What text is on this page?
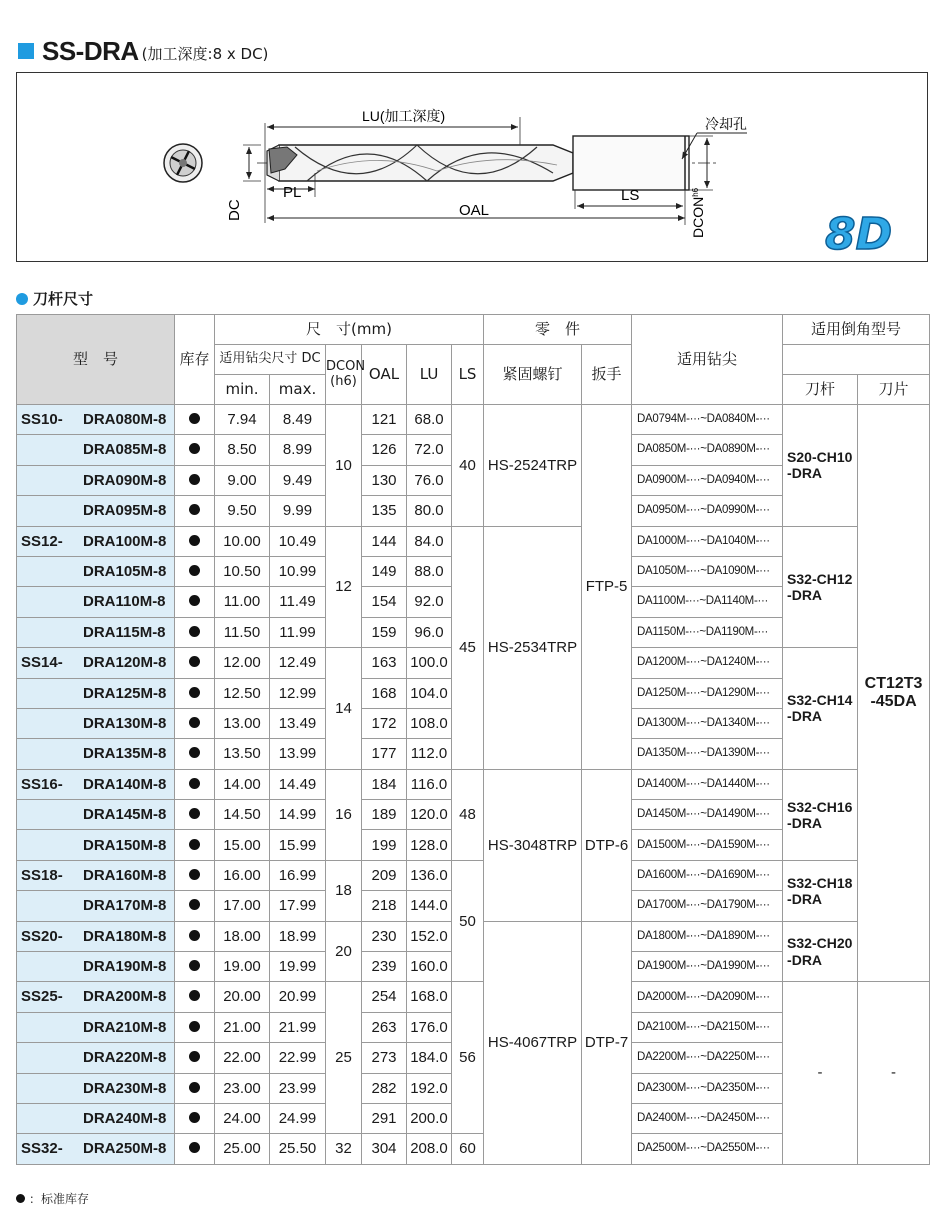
SS-DRA (加工深度:8 x DC)
LU(加工深度)
PL
DC	OAL
LS
$DCON^{h6}$
冷却孔
8D
刀杆尺寸
型　号	库存	尺　寸(mm)						零　件		适用钻尖	适用倒角型号	
		适用钻尖尺寸 DC		DCON
(h6)	OAL	LU	LS	紧固螺钉	扳手			
		min.	max.								刀杆	刀片

SS10- DRA080M-8		7.94	8.49	10	121	68.0	40	HS-2524TRP	FTP-5	DA0794M-···~DA0840M-···	S20-CH10
-DRA	CT12T3
-45DA

DRA085M-8		8.50	8.99		126	72.0				DA0850M-···~DA0890M-···		

DRA090M-8		9.00	9.49		130	76.0				DA0900M-···~DA0940M-···		

DRA095M-8		9.50	9.99		135	80.0				DA0950M-···~DA0990M-···		

SS12- DRA100M-8		10.00	10.49	12	144	84.0	45	HS-2534TRP		DA1000M-···~DA1040M-···	S32-CH12
-DRA	

DRA105M-8		10.50	10.99		149	88.0				DA1050M-···~DA1090M-···		

DRA110M-8		11.00	11.49		154	92.0				DA1100M-···~DA1140M-···		

DRA115M-8		11.50	11.99		159	96.0				DA1150M-···~DA1190M-···		

SS14- DRA120M-8		12.00	12.49	14	163	100.0				DA1200M-···~DA1240M-···	S32-CH14
-DRA	

DRA125M-8		12.50	12.99		168	104.0				DA1250M-···~DA1290M-···		

DRA130M-8		13.00	13.49		172	108.0				DA1300M-···~DA1340M-···		

DRA135M-8		13.50	13.99		177	112.0				DA1350M-···~DA1390M-···		

SS16- DRA140M-8		14.00	14.49	16	184	116.0	48	HS-3048TRP	DTP-6	DA1400M-···~DA1440M-···	S32-CH16
-DRA	

DRA145M-8		14.50	14.99		189	120.0				DA1450M-···~DA1490M-···		

DRA150M-8		15.00	15.99		199	128.0				DA1500M-···~DA1590M-···		

SS18- DRA160M-8		16.00	16.99	18	209	136.0	50			DA1600M-···~DA1690M-···	S32-CH18
-DRA	

DRA170M-8		17.00	17.99		218	144.0				DA1700M-···~DA1790M-···		

SS20- DRA180M-8		18.00	18.99	20	230	152.0		HS-4067TRP	DTP-7	DA1800M-···~DA1890M-···	S32-CH20
-DRA	

DRA190M-8		19.00	19.99		239	160.0				DA1900M-···~DA1990M-···		

SS25- DRA200M-8		20.00	20.99	25	254	168.0	56			DA2000M-···~DA2090M-···	-	-

DRA210M-8		21.00	21.99		263	176.0				DA2100M-···~DA2150M-···		

DRA220M-8		22.00	22.99		273	184.0				DA2200M-···~DA2250M-···		

DRA230M-8		23.00	23.99		282	192.0				DA2300M-···~DA2350M-···		

DRA240M-8		24.00	24.99		291	200.0				DA2400M-···~DA2450M-···		

SS32- DRA250M-8		25.00	25.50	32	304	208.0	60			DA2500M-···~DA2550M-···		
：标准库存
